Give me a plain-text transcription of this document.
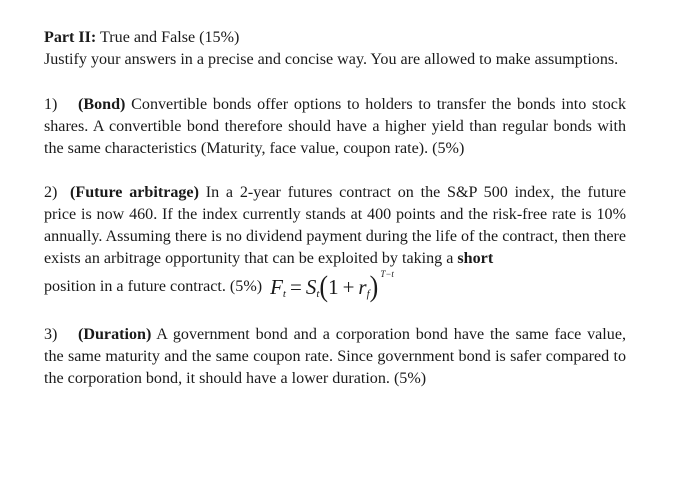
Part II: True and False (15%)

Justify your answers in a precise and concise way. You are allowed to make assumptions.

1) (Bond) Convertible bonds offer options to holders to transfer the bonds into stock shares. A convertible bond therefore should have a higher yield than regular bonds with the same characteristics (Maturity, face value, coupon rate). (5%)

2) (Future arbitrage) In a 2-year futures contract on the S&P 500 index, the future price is now 460. If the index currently stands at 400 points and the risk-free rate is 10% annually. Assuming there is no dividend payment during the life of the contract, then there exists an arbitrage opportunity that can be exploited by taking a short

position in a future contract. (5%) F t = S t ( 1 + r f ) T−t

3) (Duration) A government bond and a corporation bond have the same face value, the same maturity and the same coupon rate. Since government bond is safer compared to the corporation bond, it should have a lower duration. (5%)
